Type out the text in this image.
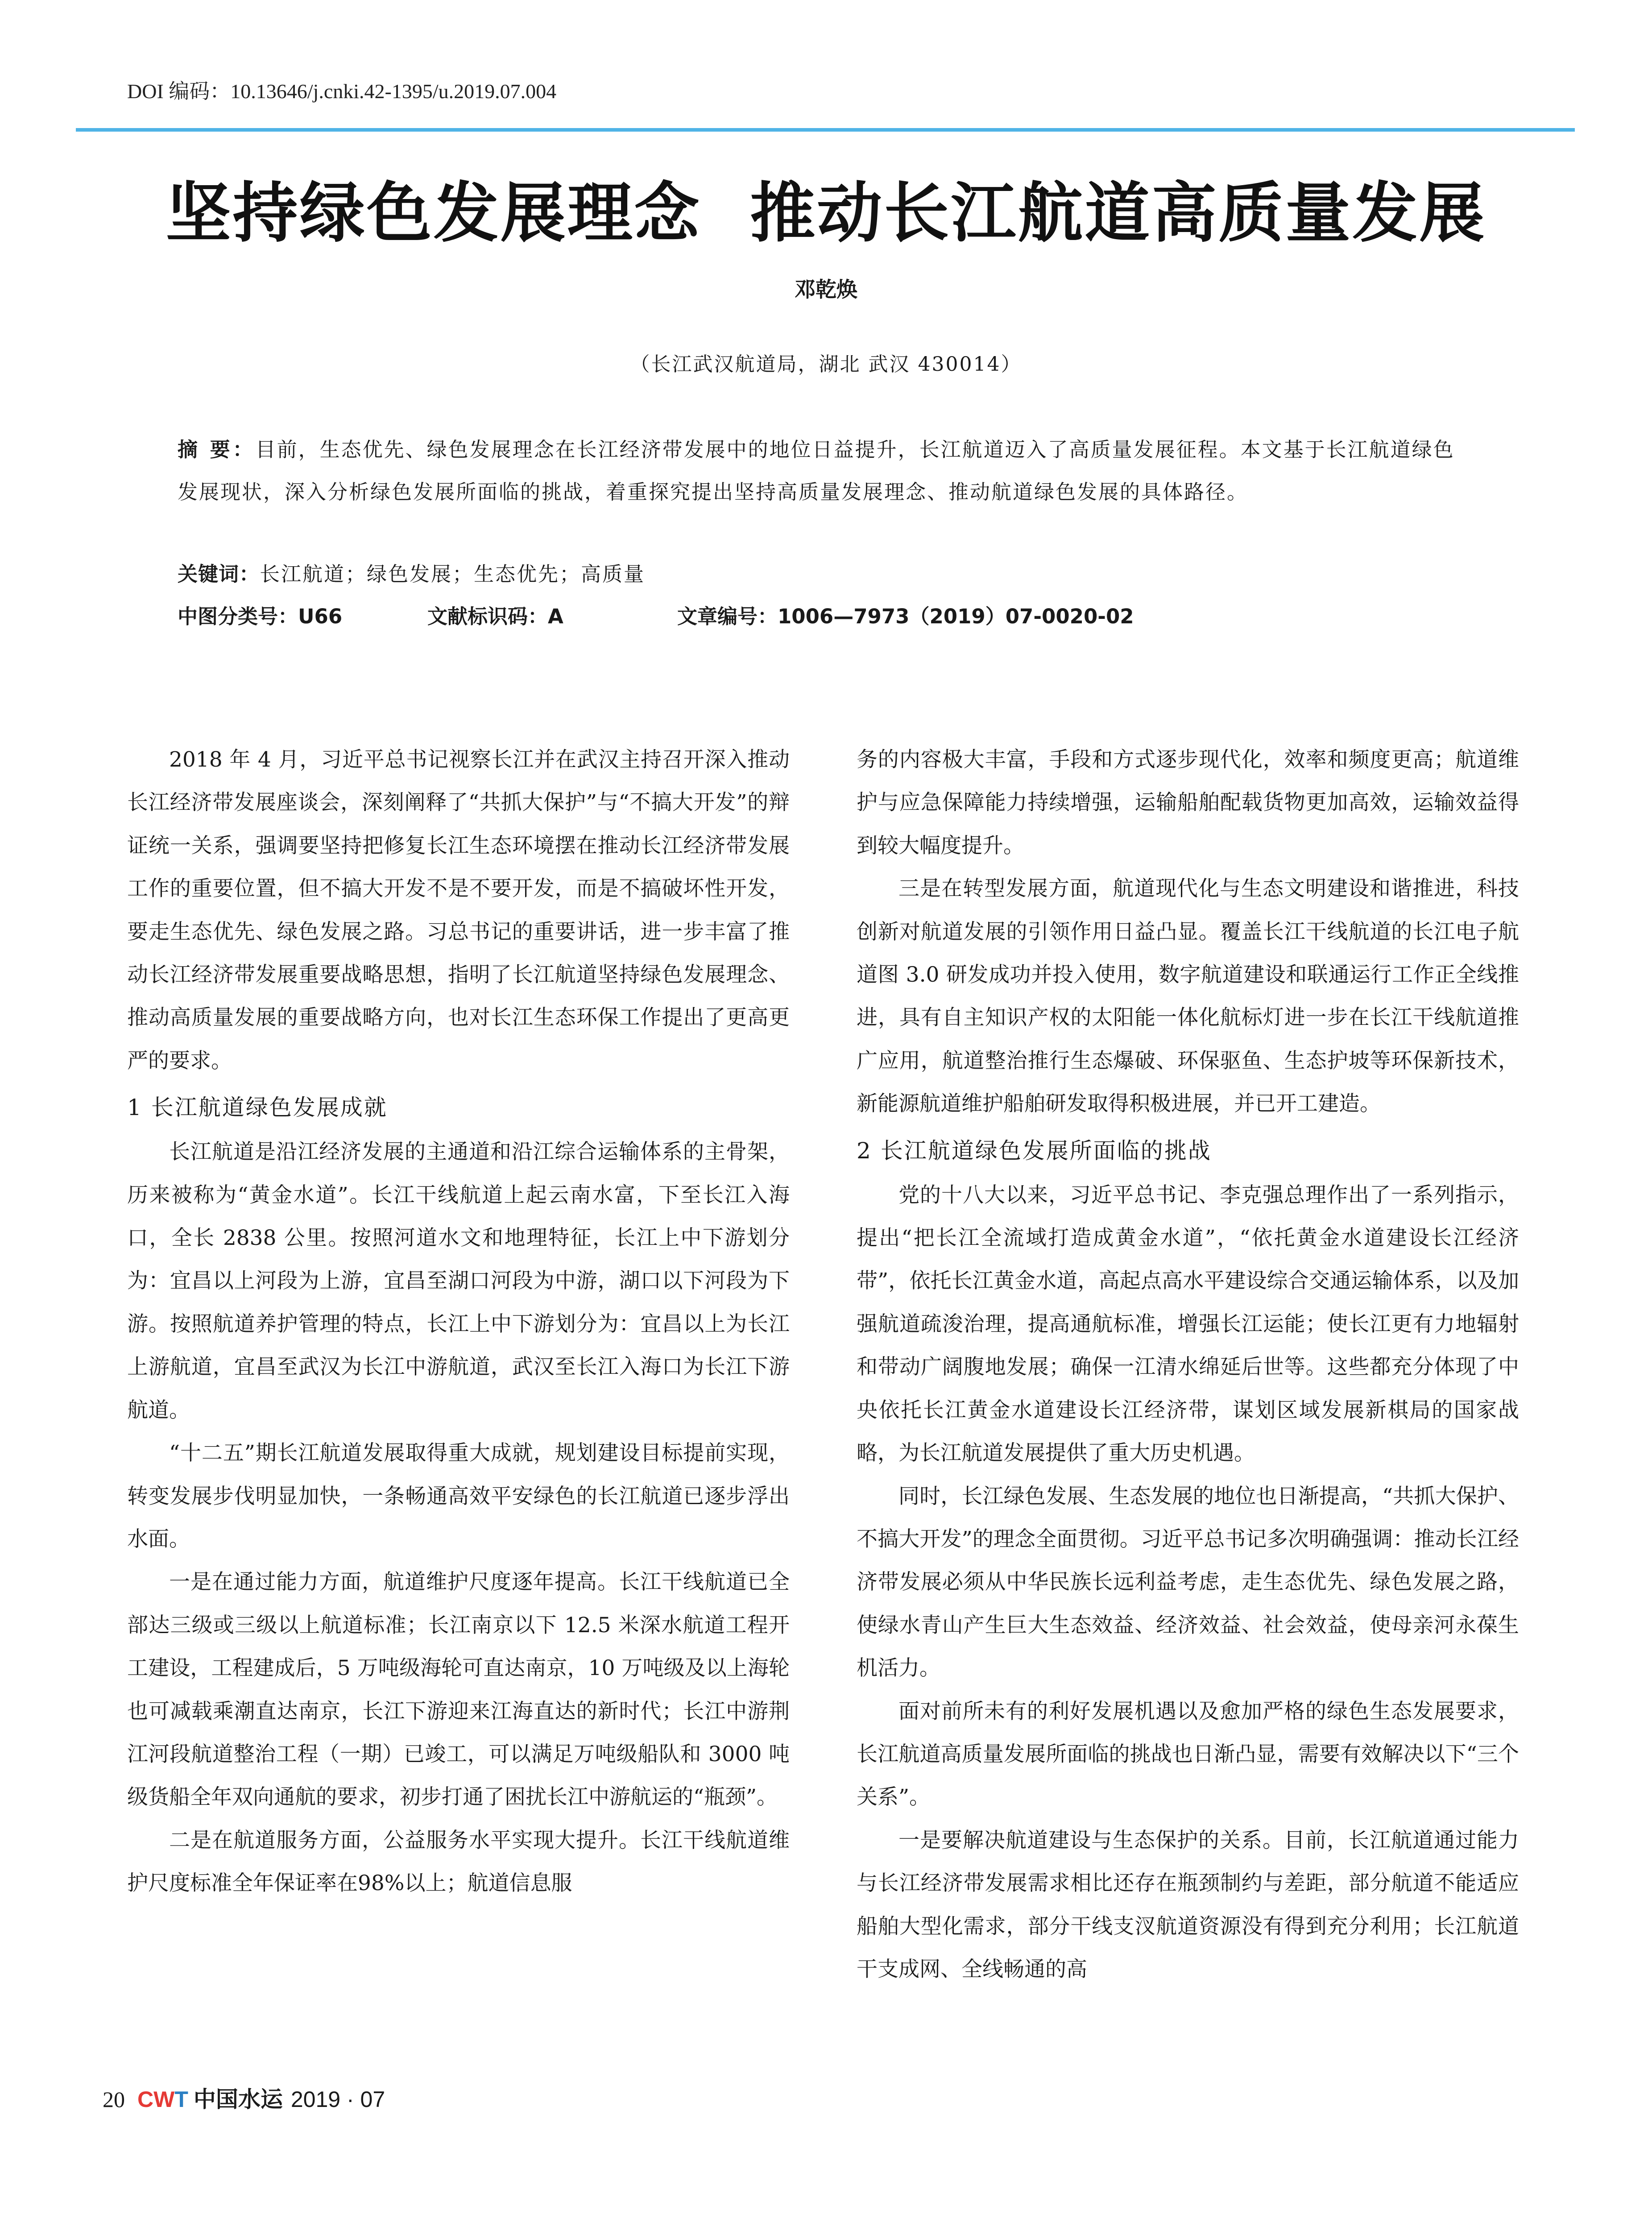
DOI 编码：10.13646/j.cnki.42-1395/u.2019.07.004
坚持绿色发展理念  推动长江航道高质量发展
邓乾焕
（长江武汉航道局，湖北 武汉 430014）
摘 要：目前，生态优先、绿色发展理念在长江经济带发展中的地位日益提升，长江航道迈入了高质量发展征程。本文基于长江航道绿色发展现状，深入分析绿色发展所面临的挑战，着重探究提出坚持高质量发展理念、推动航道绿色发展的具体路径。
关键词：长江航道；绿色发展；生态优先；高质量
中图分类号：U66	文献标识码：A	文章编号：1006—7973（2019）07-0020-02

2018 年 4 月，习近平总书记视察长江并在武汉主持召开深入推动长江经济带发展座谈会，深刻阐释了“共抓大保护”与“不搞大开发”的辩证统一关系，强调要坚持把修复长江生态环境摆在推动长江经济带发展工作的重要位置，但不搞大开发不是不要开发，而是不搞破坏性开发，要走生态优先、绿色发展之路。习总书记的重要讲话，进一步丰富了推动长江经济带发展重要战略思想，指明了长江航道坚持绿色发展理念、推动高质量发展的重要战略方向，也对长江生态环保工作提出了更高更严的要求。

1 长江航道绿色发展成就

长江航道是沿江经济发展的主通道和沿江综合运输体系的主骨架，历来被称为“黄金水道”。长江干线航道上起云南水富，下至长江入海口，全长 2838 公里。按照河道水文和地理特征，长江上中下游划分为：宜昌以上河段为上游，宜昌至湖口河段为中游，湖口以下河段为下游。按照航道养护管理的特点，长江上中下游划分为：宜昌以上为长江上游航道，宜昌至武汉为长江中游航道，武汉至长江入海口为长江下游航道。

“十二五”期长江航道发展取得重大成就，规划建设目标提前实现，转变发展步伐明显加快，一条畅通高效平安绿色的长江航道已逐步浮出水面。

一是在通过能力方面，航道维护尺度逐年提高。长江干线航道已全部达三级或三级以上航道标准；长江南京以下 12.5 米深水航道工程开工建设，工程建成后，5 万吨级海轮可直达南京，10 万吨级及以上海轮也可减载乘潮直达南京，长江下游迎来江海直达的新时代；长江中游荆江河段航道整治工程（一期）已竣工，可以满足万吨级船队和 3000 吨级货船全年双向通航的要求，初步打通了困扰长江中游航运的“瓶颈”。

二是在航道服务方面，公益服务水平实现大提升。长江干线航道维护尺度标准全年保证率在98%以上；航道信息服

务的内容极大丰富，手段和方式逐步现代化，效率和频度更高；航道维护与应急保障能力持续增强，运输船舶配载货物更加高效，运输效益得到较大幅度提升。

三是在转型发展方面，航道现代化与生态文明建设和谐推进，科技创新对航道发展的引领作用日益凸显。覆盖长江干线航道的长江电子航道图 3.0 研发成功并投入使用，数字航道建设和联通运行工作正全线推进，具有自主知识产权的太阳能一体化航标灯进一步在长江干线航道推广应用，航道整治推行生态爆破、环保驱鱼、生态护坡等环保新技术，新能源航道维护船舶研发取得积极进展，并已开工建造。

2 长江航道绿色发展所面临的挑战

党的十八大以来，习近平总书记、李克强总理作出了一系列指示，提出“把长江全流域打造成黄金水道”，“依托黄金水道建设长江经济带”，依托长江黄金水道，高起点高水平建设综合交通运输体系，以及加强航道疏浚治理，提高通航标准，增强长江运能；使长江更有力地辐射和带动广阔腹地发展；确保一江清水绵延后世等。这些都充分体现了中央依托长江黄金水道建设长江经济带，谋划区域发展新棋局的国家战略，为长江航道发展提供了重大历史机遇。

同时，长江绿色发展、生态发展的地位也日渐提高，“共抓大保护、不搞大开发”的理念全面贯彻。习近平总书记多次明确强调：推动长江经济带发展必须从中华民族长远利益考虑，走生态优先、绿色发展之路，使绿水青山产生巨大生态效益、经济效益、社会效益，使母亲河永葆生机活力。

面对前所未有的利好发展机遇以及愈加严格的绿色生态发展要求，长江航道高质量发展所面临的挑战也日渐凸显，需要有效解决以下“三个关系”。

一是要解决航道建设与生态保护的关系。目前，长江航道通过能力与长江经济带发展需求相比还存在瓶颈制约与差距，部分航道不能适应船舶大型化需求，部分干线支汊航道资源没有得到充分利用；长江航道干支成网、全线畅通的高

20 CW T 中国水运 2019 · 07
